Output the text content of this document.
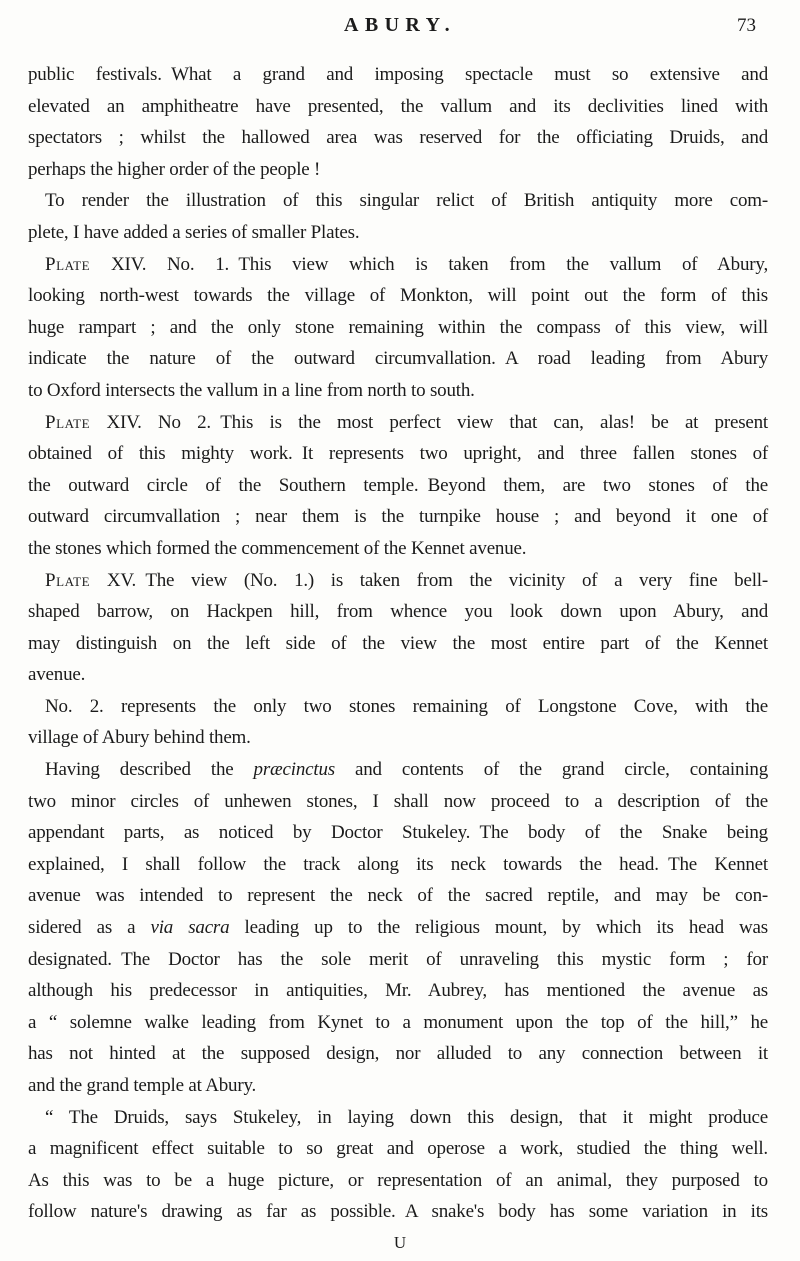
ABURY.	73
public festivals. What a grand and imposing spectacle must so extensive and
elevated an amphitheatre have presented, the vallum and its declivities lined with
spectators ; whilst the hallowed area was reserved for the officiating Druids, and
perhaps the higher order of the people !
To render the illustration of this singular relict of British antiquity more com-
plete, I have added a series of smaller Plates.
Plate XIV. No. 1. This view which is taken from the vallum of Abury,
looking north-west towards the village of Monkton, will point out the form of this
huge rampart ; and the only stone remaining within the compass of this view, will
indicate the nature of the outward circumvallation. A road leading from Abury
to Oxford intersects the vallum in a line from north to south.
Plate XIV. No 2. This is the most perfect view that can, alas! be at present
obtained of this mighty work. It represents two upright, and three fallen stones of
the outward circle of the Southern temple. Beyond them, are two stones of the
outward circumvallation ; near them is the turnpike house ; and beyond it one of
the stones which formed the commencement of the Kennet avenue.
Plate XV. The view (No. 1.) is taken from the vicinity of a very fine bell-
shaped barrow, on Hackpen hill, from whence you look down upon Abury, and
may distinguish on the left side of the view the most entire part of the Kennet
avenue.
No. 2. represents the only two stones remaining of Longstone Cove, with the
village of Abury behind them.
Having described the præcinctus and contents of the grand circle, containing
two minor circles of unhewen stones, I shall now proceed to a description of the
appendant parts, as noticed by Doctor Stukeley. The body of the Snake being
explained, I shall follow the track along its neck towards the head. The Kennet
avenue was intended to represent the neck of the sacred reptile, and may be con-
sidered as a via sacra leading up to the religious mount, by which its head was
designated. The Doctor has the sole merit of unraveling this mystic form ; for
although his predecessor in antiquities, Mr. Aubrey, has mentioned the avenue as
a “ solemne walke leading from Kynet to a monument upon the top of the hill,” he
has not hinted at the supposed design, nor alluded to any connection between it
and the grand temple at Abury.
“ The Druids, says Stukeley, in laying down this design, that it might produce
a magnificent effect suitable to so great and operose a work, studied the thing well.
As this was to be a huge picture, or representation of an animal, they purposed to
follow nature's drawing as far as possible. A snake's body has some variation in its
U
